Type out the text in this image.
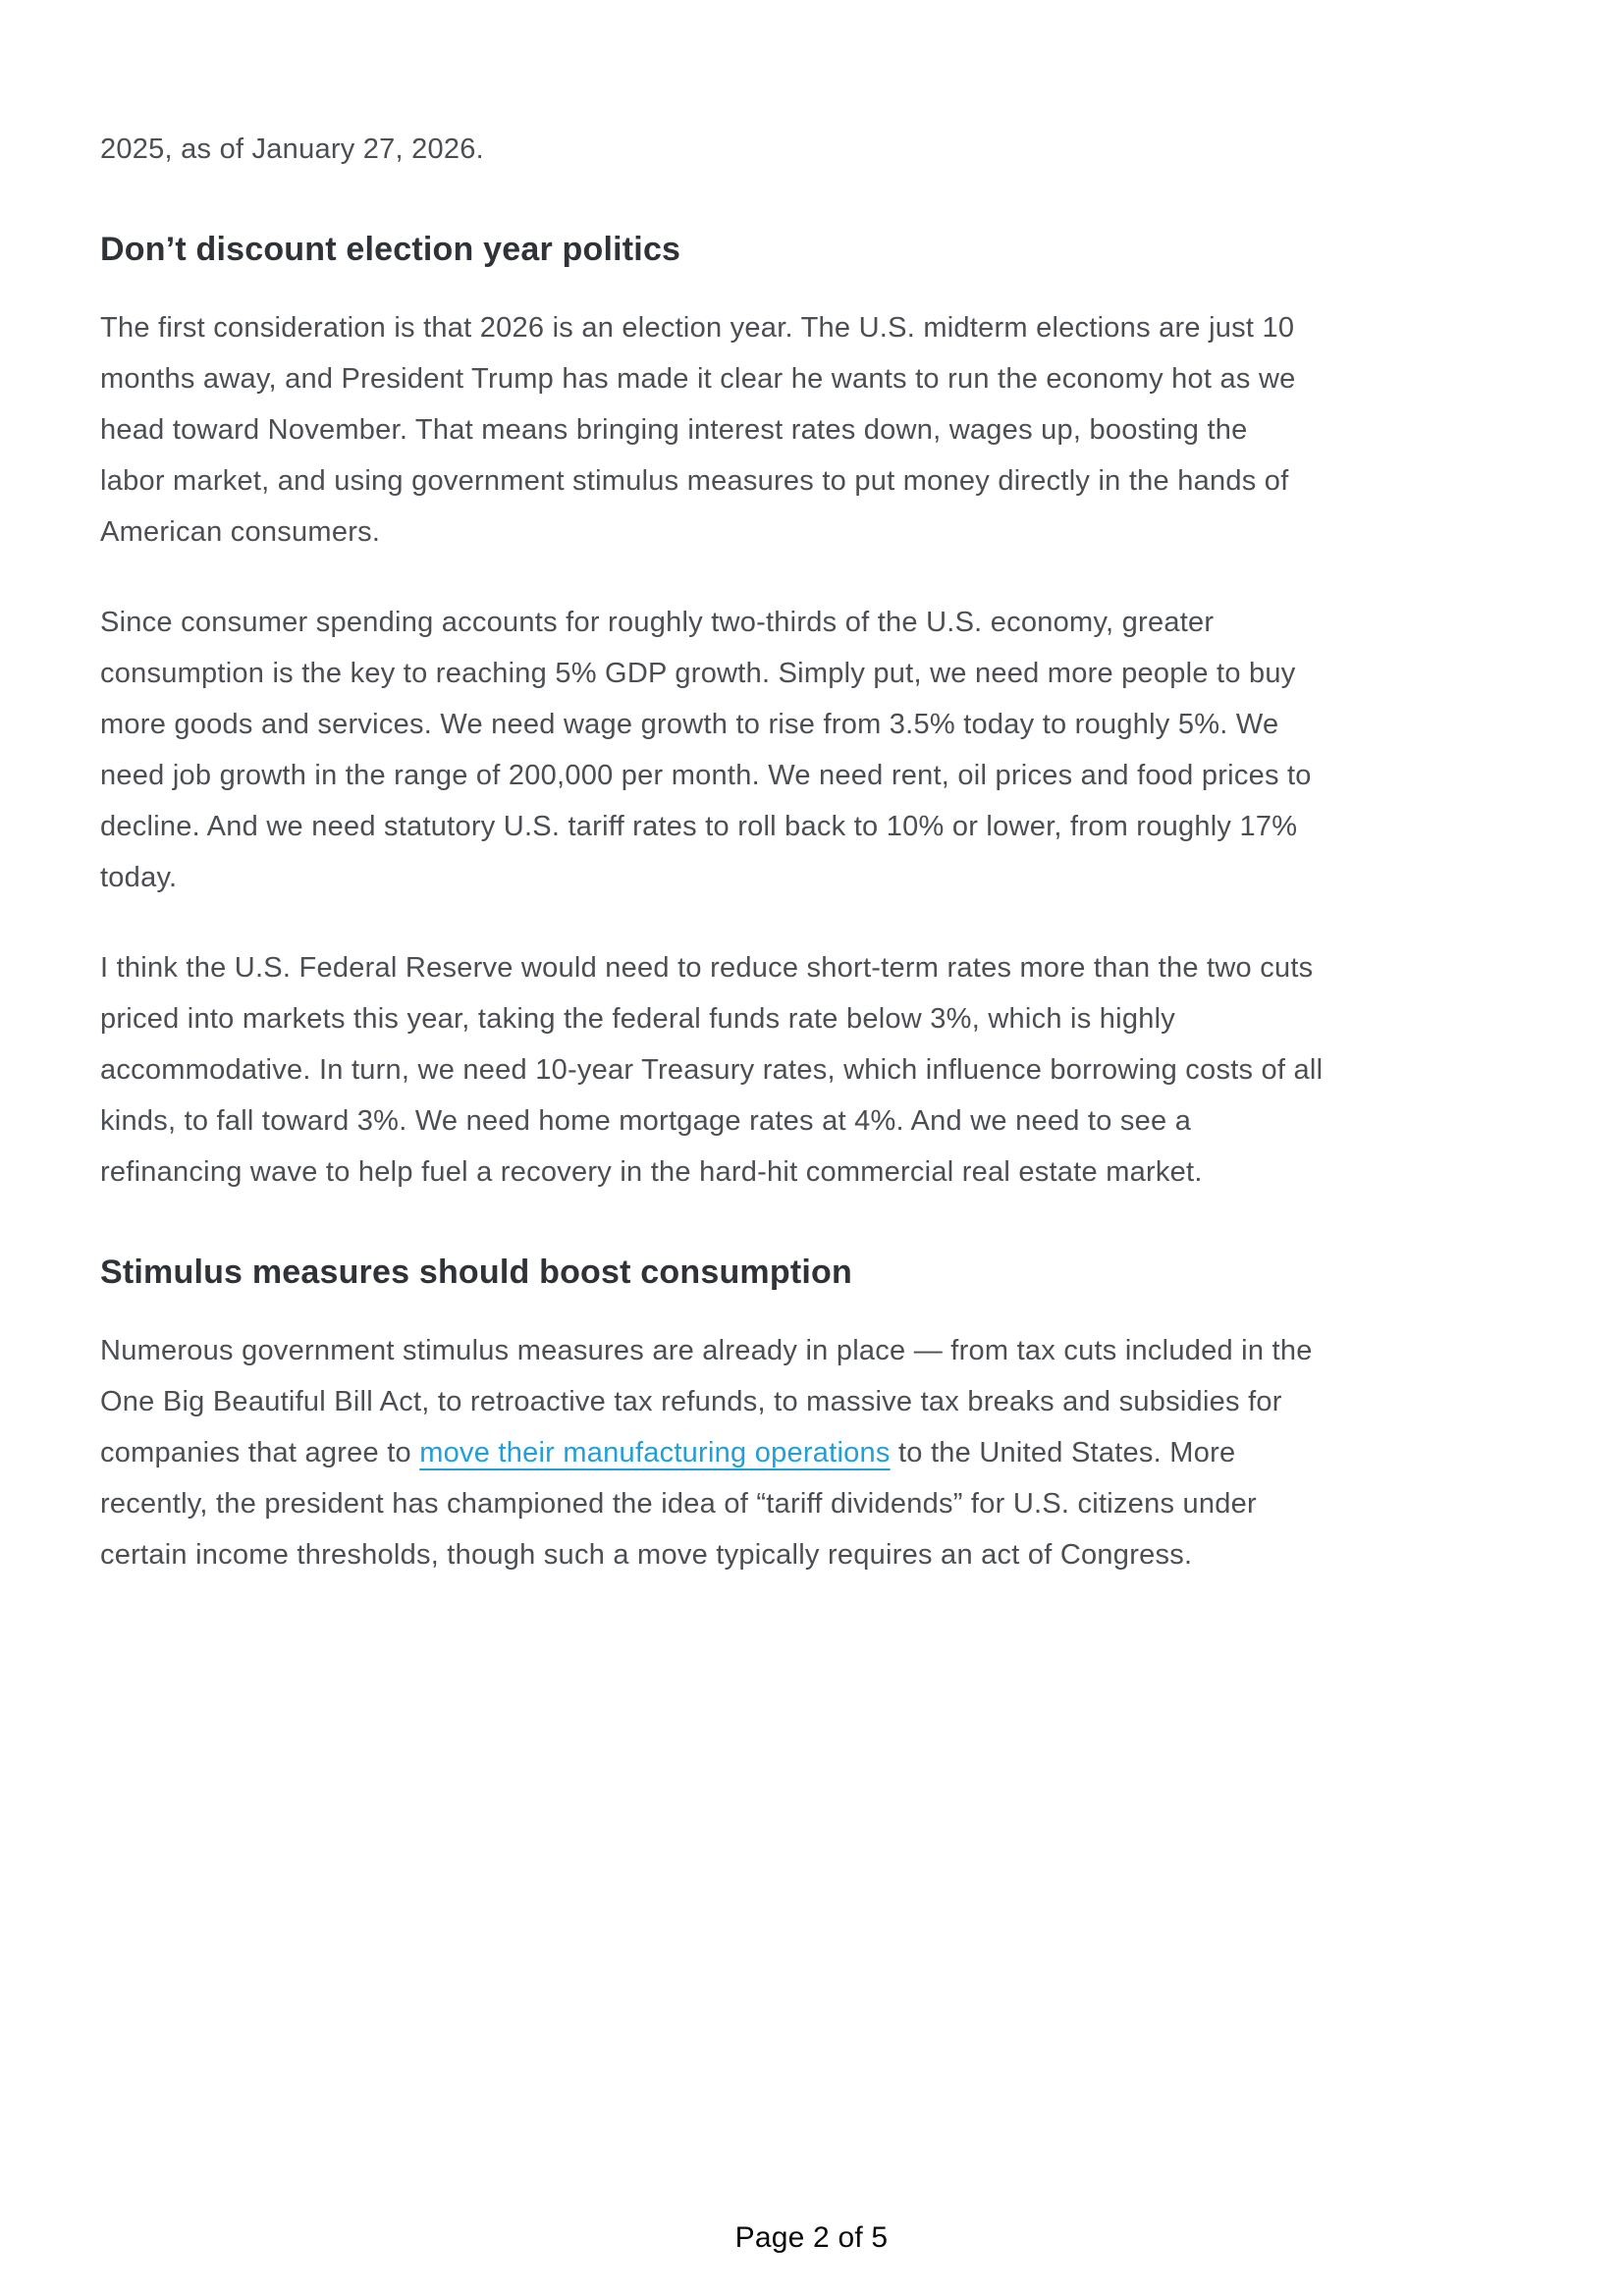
2025, as of January 27, 2026.

Don’t discount election year politics
The first consideration is that 2026 is an election year. The U.S. midterm elections are just 10
months away, and President Trump has made it clear he wants to run the economy hot as we
head toward November. That means bringing interest rates down, wages up, boosting the
labor market, and using government stimulus measures to put money directly in the hands of
American consumers.
Since consumer spending accounts for roughly two-thirds of the U.S. economy, greater
consumption is the key to reaching 5% GDP growth. Simply put, we need more people to buy
more goods and services. We need wage growth to rise from 3.5% today to roughly 5%. We
need job growth in the range of 200,000 per month. We need rent, oil prices and food prices to
decline. And we need statutory U.S. tariff rates to roll back to 10% or lower, from roughly 17%
today.
I think the U.S. Federal Reserve would need to reduce short-term rates more than the two cuts
priced into markets this year, taking the federal funds rate below 3%, which is highly
accommodative. In turn, we need 10-year Treasury rates, which influence borrowing costs of all
kinds, to fall toward 3%. We need home mortgage rates at 4%. And we need to see a
refinancing wave to help fuel a recovery in the hard-hit commercial real estate market.
Stimulus measures should boost consumption
Numerous government stimulus measures are already in place — from tax cuts included in the
One Big Beautiful Bill Act, to retroactive tax refunds, to massive tax breaks and subsidies for
companies that agree to move their manufacturing operations to the United States. More
recently, the president has championed the idea of “tariff dividends” for U.S. citizens under
certain income thresholds, though such a move typically requires an act of Congress.
Page 2 of 5
